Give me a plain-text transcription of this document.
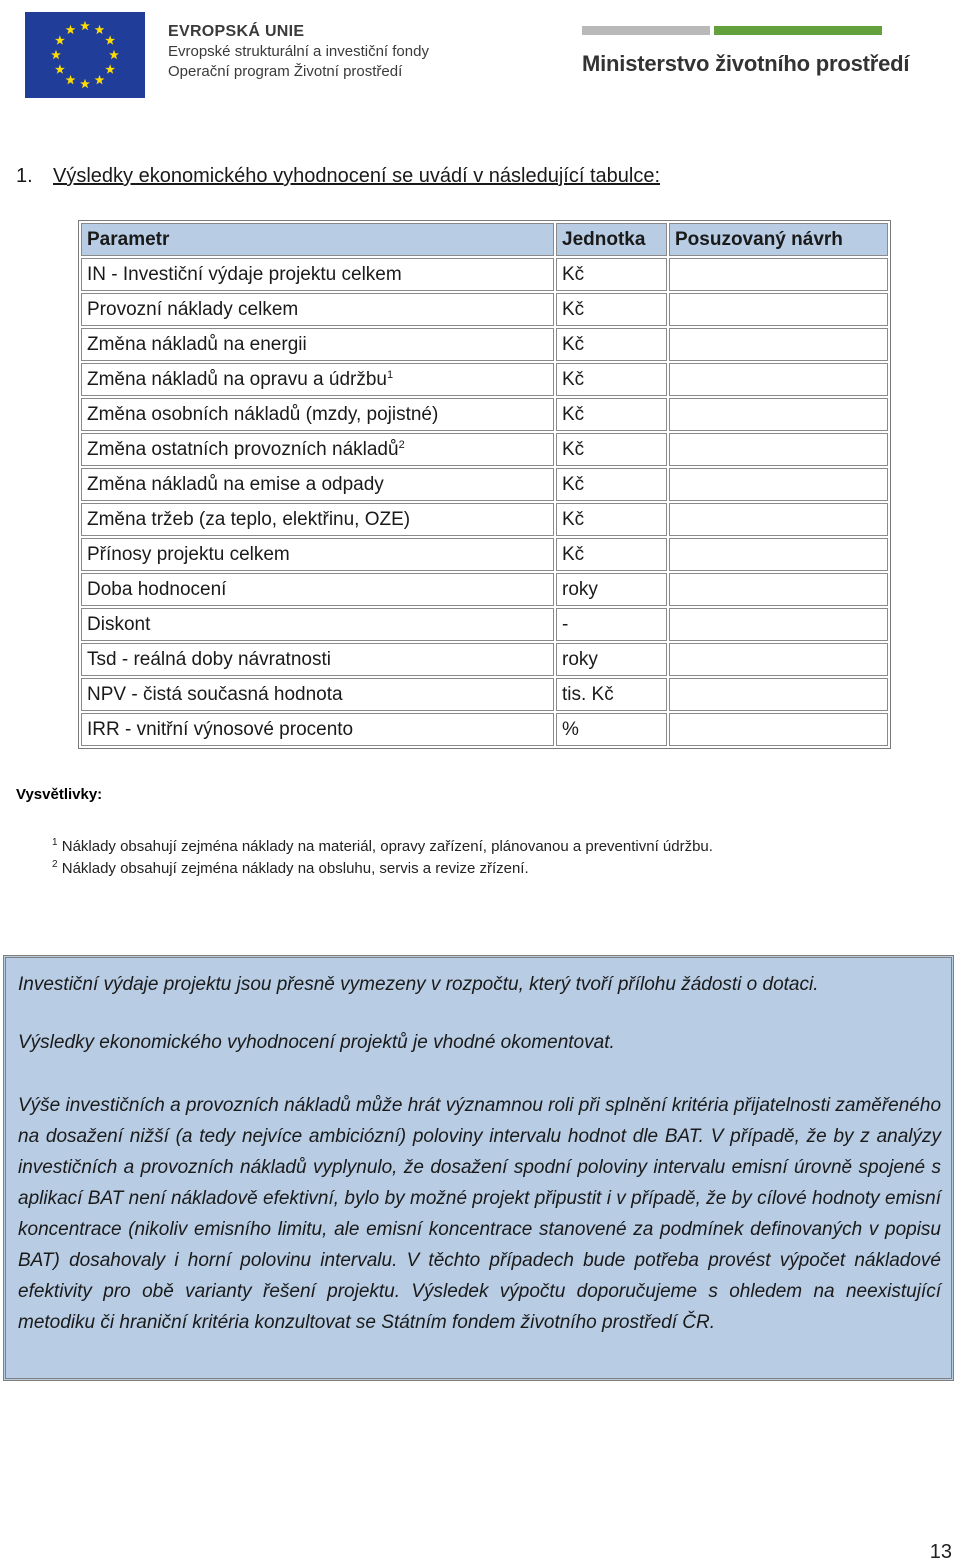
EVROPSKÁ UNIE
Evropské strukturální a investiční fondy
Operační program Životní prostředí	Ministerstvo životního prostředí
1. Výsledky ekonomického vyhodnocení se uvádí v následující tabulce:
Parametr	Jednotka	Posuzovaný návrh
IN - Investiční výdaje projektu celkem	Kč	
Provozní náklady celkem	Kč	
Změna nákladů na energii	Kč	
Změna nákladů na opravu a údržbu$^1$	Kč	
Změna osobních nákladů (mzdy, pojistné)	Kč	
Změna ostatních provozních nákladů$^2$	Kč	
Změna nákladů na emise a odpady	Kč	
Změna tržeb (za teplo, elektřinu, OZE)	Kč	
Přínosy projektu celkem	Kč	
Doba hodnocení	roky	
Diskont	-	
Tsd - reálná doby návratnosti	roky	
NPV - čistá současná hodnota	tis. Kč	
IRR - vnitřní výnosové procento	%	
Vysvětlivky:
$^1$ Náklady obsahují zejména náklady na materiál, opravy zařízení, plánovanou a preventivní údržbu.
$^2$ Náklady obsahují zejména náklady na obsluhu, servis a revize zřízení.

Investiční výdaje projektu jsou přesně vymezeny v rozpočtu, který tvoří přílohu žádosti o dotaci.

Výsledky ekonomického vyhodnocení projektů je vhodné okomentovat.

Výše investičních a provozních nákladů může hrát významnou roli při splnění kritéria přijatelnosti zaměřeného na dosažení nižší (a tedy nejvíce ambiciózní) poloviny intervalu hodnot dle BAT. V případě, že by z analýzy investičních a provozních nákladů vyplynulo, že dosažení spodní poloviny intervalu emisní úrovně spojené s aplikací BAT není nákladově efektivní, bylo by možné projekt připustit i v případě, že by cílové hodnoty emisní koncentrace (nikoliv emisního limitu, ale emisní koncentrace stanovené za podmínek definovaných v popisu BAT) dosahovaly i horní polovinu intervalu. V těchto případech bude potřeba provést výpočet nákladové efektivity pro obě varianty řešení projektu. Výsledek výpočtu doporučujeme s ohledem na neexistující metodiku či hraniční kritéria konzultovat se Státním fondem životního prostředí ČR.

13
